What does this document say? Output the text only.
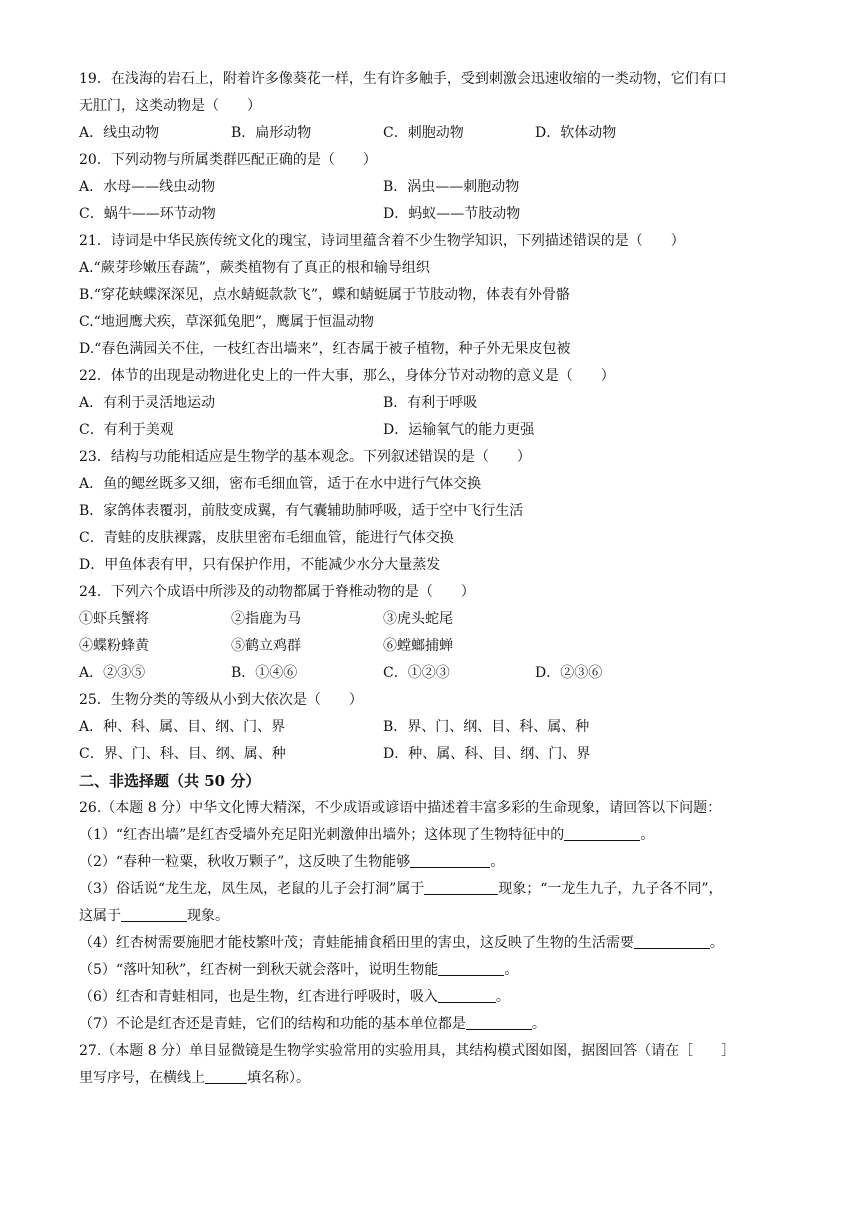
19．在浅海的岩石上，附着许多像葵花一样，生有许多触手，受到刺激会迅速收缩的一类动物，它们有口
无肛门，这类动物是（　　）
A．线虫动物	B．扁形动物	C．刺胞动物	D．软体动物
20．下列动物与所属类群匹配正确的是（　　）
A．水母——线虫动物	B．涡虫——刺胞动物
C．蜗牛——环节动物	D．蚂蚁——节肢动物
21．诗词是中华民族传统文化的瑰宝，诗词里蕴含着不少生物学知识，下列描述错误的是（　　）
A.“蕨芽珍嫩压春蔬”，蕨类植物有了真正的根和输导组织
B.“穿花蛱蝶深深见，点水蜻蜓款款飞”，蝶和蜻蜓属于节肢动物，体表有外骨骼
C.“地迥鹰犬疾，草深狐兔肥”，鹰属于恒温动物
D.“春色满园关不住，一枝红杏出墙来”，红杏属于被子植物，种子外无果皮包被
22．体节的出现是动物进化史上的一件大事，那么，身体分节对动物的意义是（　　）
A．有利于灵活地运动	B．有利于呼吸
C．有利于美观	D．运输氧气的能力更强
23．结构与功能相适应是生物学的基本观念。下列叙述错误的是（　　）
A．鱼的鳃丝既多又细，密布毛细血管，适于在水中进行气体交换
B．家鸽体表覆羽，前肢变成翼，有气囊辅助肺呼吸，适于空中飞行生活
C．青蛙的皮肤裸露，皮肤里密布毛细血管，能进行气体交换
D．甲鱼体表有甲，只有保护作用，不能减少水分大量蒸发
24．下列六个成语中所涉及的动物都属于脊椎动物的是（　　）
①虾兵蟹将	②指鹿为马	③虎头蛇尾
④蝶粉蜂黄	⑤鹤立鸡群	⑥螳螂捕蝉
A．②③⑤	B．①④⑥	C．①②③	D．②③⑥
25．生物分类的等级从小到大依次是（　　）
A．种、科、属、目、纲、门、界	B．界、门、纲、目、科、属、种
C．界、门、科、目、纲、属、种	D．种、属、科、目、纲、门、界
二、非选择题（共 50 分）
26.（本题 8 分）中华文化博大精深，不少成语或谚语中描述着丰富多彩的生命现象，请回答以下问题：
（1）“红杏出墙”是红杏受墙外充足阳光刺激伸出墙外；这体现了生物特征中的	。
（2）“春种一粒粟，秋收万颗子”，这反映了生物能够	。
（3）俗话说“龙生龙，凤生凤，老鼠的儿子会打洞”属于	现象；“一龙生九子，九子各不同”，
这属于	现象。
（4）红杏树需要施肥才能枝繁叶茂；青蛙能捕食稻田里的害虫，这反映了生物的生活需要	。
（5）“落叶知秋”，红杏树一到秋天就会落叶，说明生物能	。
（6）红杏和青蛙相同，也是生物，红杏进行呼吸时，吸入	。
（7）不论是红杏还是青蛙，它们的结构和功能的基本单位都是	。
27.（本题 8 分）单目显微镜是生物学实验常用的实验用具，其结构模式图如图，据图回答（请在［　　］
里写序号，在横线上	填名称）。
